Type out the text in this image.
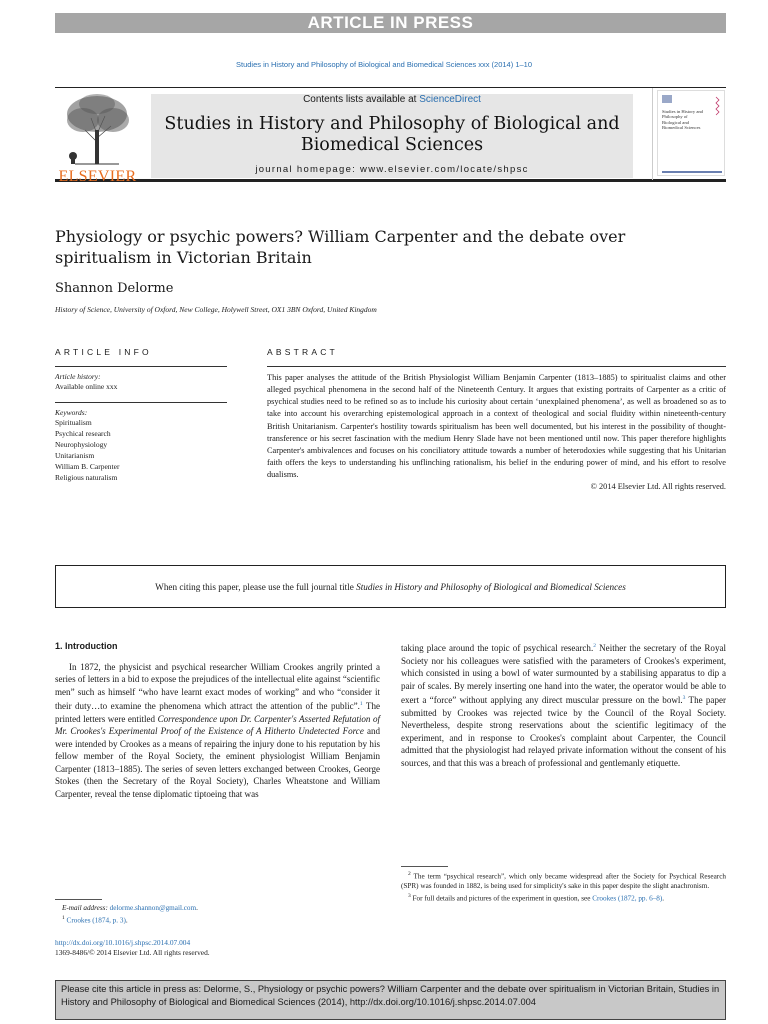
ARTICLE IN PRESS
Studies in History and Philosophy of Biological and Biomedical Sciences xxx (2014) 1–10
ELSEVIER
Contents lists available at ScienceDirect
Studies in History and Philosophy of Biological and Biomedical Sciences
journal homepage: www.elsevier.com/locate/shpsc
Studies in History and Philosophy of Biological and Biomedical Sciences
Physiology or psychic powers? William Carpenter and the debate over spiritualism in Victorian Britain
Shannon Delorme
History of Science, University of Oxford, New College, Holywell Street, OX1 3BN Oxford, United Kingdom
ARTICLE INFO	ABSTRACT
Article history:
Available online xxx
Keywords:
Spiritualism
Psychical research
Neurophysiology
Unitarianism
William B. Carpenter
Religious naturalism
This paper analyses the attitude of the British Physiologist William Benjamin Carpenter (1813–1885) to spiritualist claims and other alleged psychical phenomena in the second half of the Nineteenth Century. It argues that existing portraits of Carpenter as a critic of psychical studies need to be refined so as to include his curiosity about certain ‘unexplained phenomena’, as well as broadened so as to take into account his overarching epistemological approach in a context of theological and social fluidity within nineteenth-century British Unitarianism. Carpenter's hostility towards spiritualism has been well documented, but his interest in the possibility of thought-transference or his secret fascination with the medium Henry Slade have not been mentioned until now. This paper therefore highlights Carpenter's ambivalences and focuses on his conciliatory attitude towards a number of heterodoxies while suggesting that his Unitarian faith offers the keys to understanding his unflinching rationalism, his belief in the enduring power of mind, and his effort to resolve dualisms.
© 2014 Elsevier Ltd. All rights reserved.
When citing this paper, please use the full journal title Studies in History and Philosophy of Biological and Biomedical Sciences
1. Introduction

In 1872, the physicist and psychical researcher William Crookes angrily printed a series of letters in a bid to expose the prejudices of the intellectual elite against “scientific men” such as himself “who have learnt exact modes of working” and who “consider it their duty…to examine the phenomena which attract the attention of the public”.$^1$ The printed letters were entitled Correspondence upon Dr. Carpenter's Asserted Refutation of Mr. Crookes's Experimental Proof of the Existence of A Hitherto Undetected Force and were intended by Crookes as a means of repairing the injury done to his reputation by his fellow member of the Royal Society, the eminent physiologist William Benjamin Carpenter (1813–1885). The series of seven letters exchanged between Crookes, George Stokes (then the Secretary of the Royal Society), Charles Wheatstone and William Carpenter, reveal the tense diplomatic tiptoeing that was

taking place around the topic of psychical research.$^2$ Neither the secretary of the Royal Society nor his colleagues were satisfied with the parameters of Crookes's experiment, which consisted in using a bowl of water surmounted by a stabilising apparatus to dip a pair of scales. By merely inserting one hand into the water, the operator would be able to exert a “force” without applying any direct muscular pressure on the bowl.$^3$ The paper submitted by Crookes was rejected twice by the Council of the Royal Society. Nevertheless, despite strong reservations about the scientific legitimacy of the experiment, and in response to Crookes's complaint about Carpenter, the Council admitted that the physiologist had relayed private information without the consent of his sources, and that this was a breach of professional and gentlemanly etiquette.

E-mail address: delorme.shannon@gmail.com.
$^1$ Crookes (1874, p. 3).
$^2$ The term “psychical research”, which only became widespread after the Society for Psychical Research (SPR) was founded in 1882, is being used for simplicity's sake in this paper despite the slight anachronism.
$^3$ For full details and pictures of the experiment in question, see Crookes (1872, pp. 6–8).
http://dx.doi.org/10.1016/j.shpsc.2014.07.004
1369-8486/© 2014 Elsevier Ltd. All rights reserved.
Please cite this article in press as: Delorme, S., Physiology or psychic powers? William Carpenter and the debate over spiritualism in Victorian Britain, Studies in History and Philosophy of Biological and Biomedical Sciences (2014), http://dx.doi.org/10.1016/j.shpsc.2014.07.004
